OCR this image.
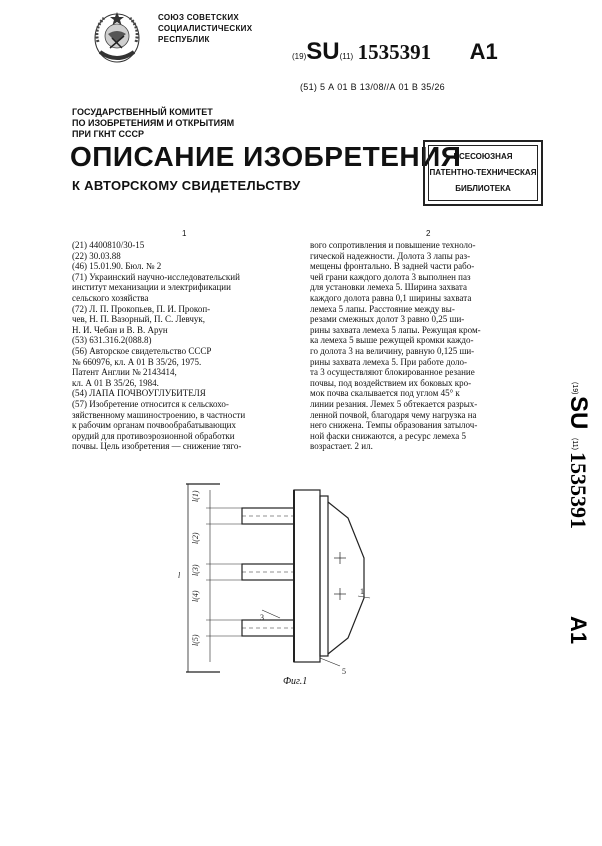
СОЮЗ СОВЕТСКИХ
СОЦИАЛИСТИЧЕСКИХ
РЕСПУБЛИК
(19)SU(11) 1535391 A1
(51) 5 А 01 В 13/08//А 01 В 35/26
ГОСУДАРСТВЕННЫЙ КОМИТЕТ
ПО ИЗОБРЕТЕНИЯМ И ОТКРЫТИЯМ
ПРИ ГКНТ СССР
ОПИСАНИЕ ИЗОБРЕТЕНИЯ
К АВТОРСКОМУ СВИДЕТЕЛЬСТВУ
ВСЕСОЮЗНАЯ
ПАТЕНТНО-ТЕХНИЧЕСКАЯ
БИБЛИОТЕКА
1	2
(21) 4400810/30-15
(22) 30.03.88
(46) 15.01.90. Бюл. № 2
(71) Украинский научно-исследовательский
институт механизации и электрификации
сельского хозяйства
(72) Л. П. Прокопьев, П. И. Прокоп-
чев, Н. П. Вазорный, П. С. Левчук,
Н. И. Чебан и В. В. Арун
(53) 631.316.2(088.8)
(56) Авторское свидетельство СССР
№ 660976, кл. А 01 В 35/26, 1975.
Патент Англии № 2143414,
кл. А 01 В 35/26, 1984.
(54) ЛАПА ПОЧВОУГЛУБИТЕЛЯ
(57) Изобретение относится к сельскохо-
зяйственному машиностроению, в частности
к рабочим органам почвообрабатывающих
орудий для противоэрозионной обработки
почвы. Цель изобретения — снижение тяго-
вого сопротивления и повышение техноло-
гической надежности. Долота 3 лапы раз-
мещены фронтально. В задней части рабо-
чей грани каждого долота 3 выполнен паз
для установки лемеха 5. Ширина захвата
каждого долота равна 0,1 ширины захвата
лемеха 5 лапы. Расстояние между вы-
резами смежных долот 3 равно 0,25 ши-
рины захвата лемеха 5 лапы. Режущая кром-
ка лемеха 5 выше режущей кромки каждо-
го долота 3 на величину, равную 0,125 ши-
рины захвата лемеха 5. При работе доло-
та 3 осуществляют блокированное резание
почвы, под воздействием их боковых кро-
мок почва скалывается под углом 45° к
линии резания. Лемех 5 обтекается разрых-
ленной почвой, благодаря чему нагрузка на
него снижена. Темпы образования затылоч-
ной фаски снижаются, а ресурс лемеха 5
возрастает. 2 ил.
(19)
SU
(11)
1535391
A1
l
l(1)
l(2)
l(3)
l(4)
l(5)
3
1
5
Фиг.1
